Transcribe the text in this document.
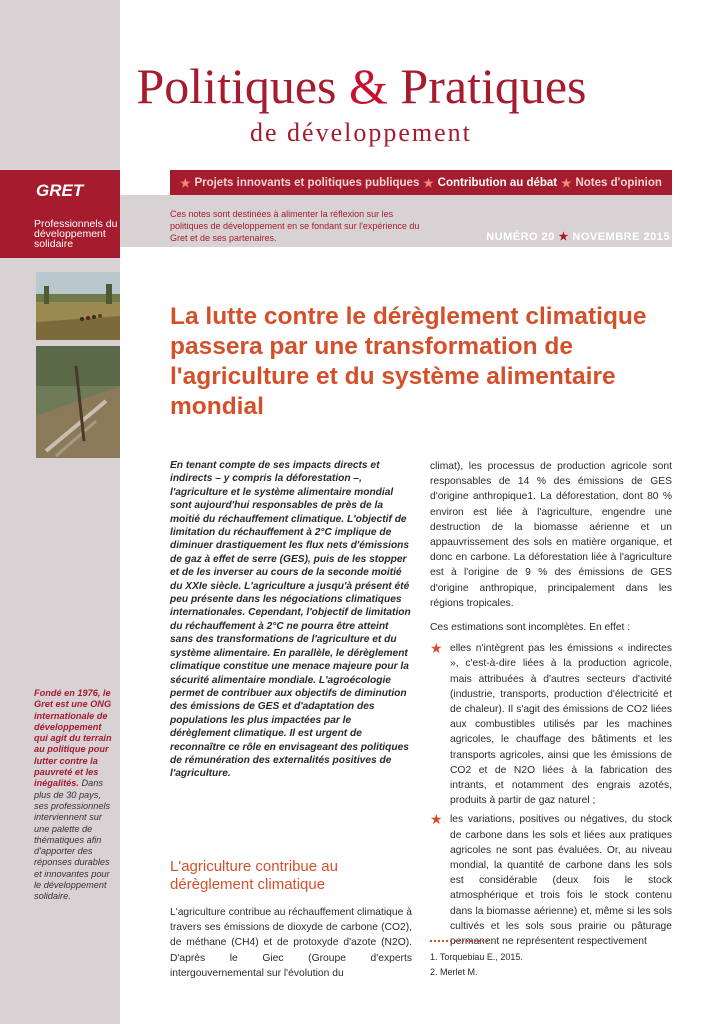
GRET
Professionnels du développement solidaire
Fondé en 1976, le Gret est une ONG internationale de développement qui agit du terrain au politique pour lutter contre la pauvreté et les inégalités. Dans plus de 30 pays, ses professionnels interviennent sur une palette de thématiques afin d'apporter des réponses durables et innovantes pour le développement solidaire.
Politiques & Pratiques
de développement
★ Projets innovants et politiques publiques ★ Contribution au débat ★ Notes d'opinion
Ces notes sont destinées à alimenter la réflexion sur les politiques de développement en se fondant sur l'expérience du Gret et de ses partenaires.	NUMÉRO 20 ★ NOVEMBRE 2015
La lutte contre le dérèglement climatique passera par une transformation de l'agriculture et du système alimentaire mondial

En tenant compte de ses impacts directs et indirects – y compris la déforestation –, l'agriculture et le système alimentaire mondial sont aujourd'hui responsables de près de la moitié du réchauffement climatique. L'objectif de limitation du réchauffement à 2°C implique de diminuer drastiquement les flux nets d'émissions de gaz à effet de serre (GES), puis de les stopper et de les inverser au cours de la seconde moitié du XXIe siècle. L'agriculture a jusqu'à présent été peu présente dans les négociations climatiques internationales. Cependant, l'objectif de limitation du réchauffement à 2°C ne pourra être atteint sans des transformations de l'agriculture et du système alimentaire. En parallèle, le dérèglement climatique constitue une menace majeure pour la sécurité alimentaire mondiale. L'agroécologie permet de contribuer aux objectifs de diminution des émissions de GES et d'adaptation des populations les plus impactées par le dérèglement climatique. Il est urgent de reconnaître ce rôle en envisageant des politiques de rémunération des externalités positives de l'agriculture.

L'agriculture contribue au dérèglement climatique

L'agriculture contribue au réchauffement climatique à travers ses émissions de dioxyde de carbone (CO2), de méthane (CH4) et de protoxyde d'azote (N2O). D'après le Giec (Groupe d'experts intergouvernemental sur l'évolution du

climat), les processus de production agricole sont responsables de 14 % des émissions de GES d'origine anthropique1. La déforestation, dont 80 % environ est liée à l'agriculture, engendre une destruction de la biomasse aérienne et un appauvrissement des sols en matière organique, et donc en carbone. La déforestation liée à l'agriculture est à l'origine de 9 % des émissions de GES d'origine anthropique, principalement dans les régions tropicales.

Ces estimations sont incomplètes. En effet :

★ elles n'intègrent pas les émissions « indirectes », c'est-à-dire liées à la production agricole, mais attribuées à d'autres secteurs d'activité (industrie, transports, production d'électricité et de chaleur). Il s'agit des émissions de CO2 liées aux combustibles utilisés par les machines agricoles, le chauffage des bâtiments et les transports agricoles, ainsi que les émissions de CO2 et de N2O liées à la fabrication des intrants, et notamment des engrais azotés, produits à partir de gaz naturel ;
★ les variations, positives ou négatives, du stock de carbone dans les sols et liées aux pratiques agricoles ne sont pas évaluées. Or, au niveau mondial, la quantité de carbone dans les sols est considérable (deux fois le stock atmosphérique et trois fois le stock contenu dans la biomasse aérienne) et, même si les sols cultivés et les sols sous prairie ou pâturage permanent ne représentent respectivement
1. Torquebiau E., 2015.
2. Merlet M.
